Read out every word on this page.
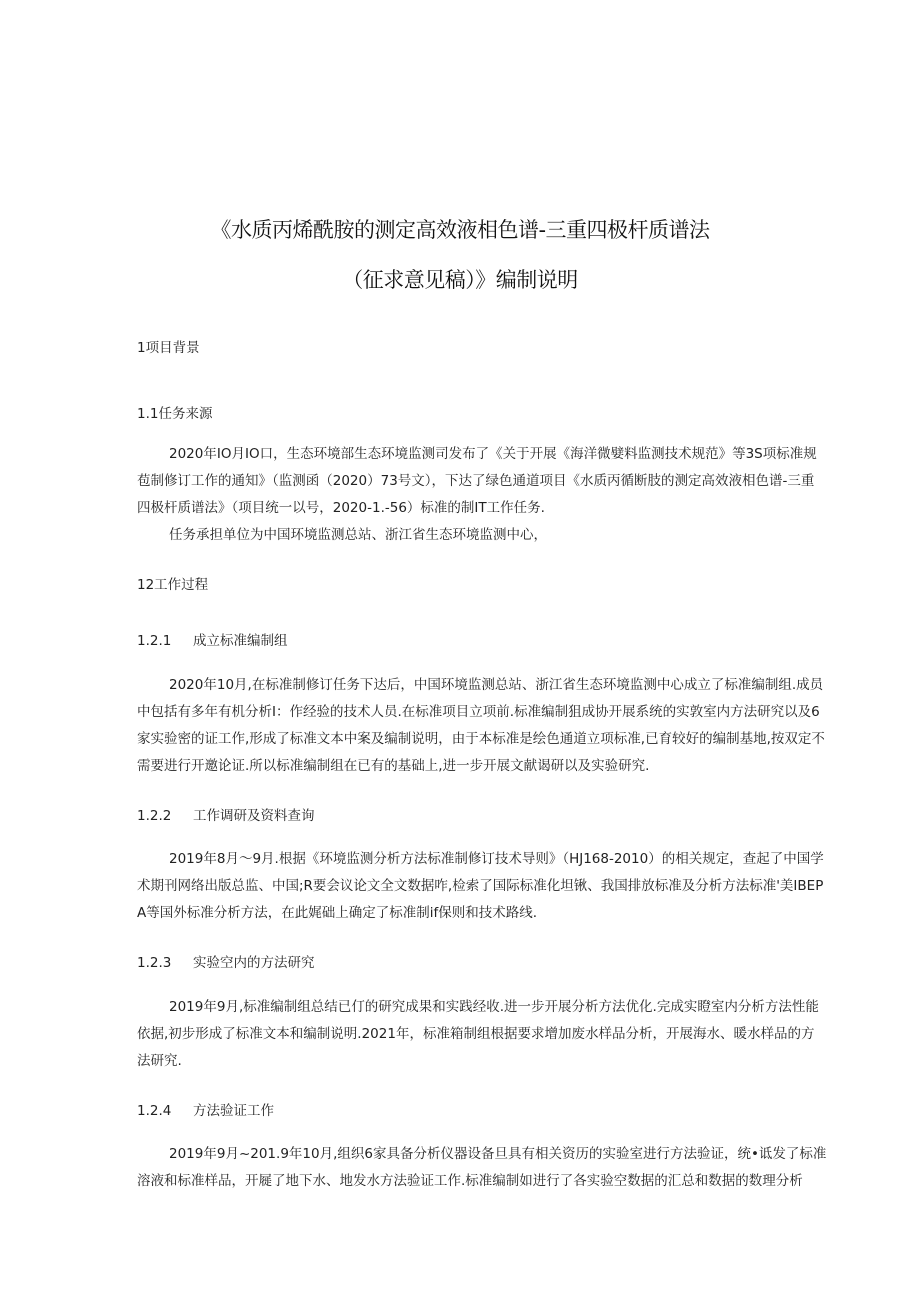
《水质丙烯酰胺的测定高效液相色谱-三重四极杆质谱法
（征求意见稿）》编制说明
1项目背景
1.1任务来源

2020年IO月IO口，生态环境部生态环境监测司发布了《关于开展《海洋微嬖料监测技术规范》等3S项标准规苞制修订工作的通知》（监测函（2020）73号文），下达了绿色通道项目《水质丙循断肢的测定高效液相色谱-三重四极杆质谱法》（项目统一以号，2020-1.-56）标准的制IT工作任务.

任务承担单位为中国环境监测总站、浙江省生态环境监测中心，

12工作过程
1.2.1 成立标准编制组

2020年10月,在标准制修订任务下达后，中国环境监测总站、浙江省生态环境监测中心成立了标准编制组.成员中包括有多年有机分析I：作经验的技术人员.在标准项目立项前.标准编制狙成协开展系统的实敦室内方法研究以及6家实验密的证工作,形成了标准文本中案及编制说明，由于本标准是绘色通道立项标准,已育较好的编制基地,按双定不需要进行开邀论证.所以标准编制组在已有的基础上,进一步开展文献谒研以及实验研究.

1.2.2 工作调研及资料查询

2019年8月〜9月.根据《环境监测分析方法标准制修订技术导则》（HJ168-2010）的相关规定，查起了中国学术期刊网络出版总监、中国;R要会议论文全文数据咋,检索了国际标准化坦锹、我国排放标准及分析方法标准'美IBEPA等国外标准分析方法，在此娓础上确定了标准制if保则和技术路线.

1.2.3 实验空内的方法研究

2019年9月,标准编制组总结已仃的研究成果和实践经收.进一步开展分析方法优化.完成实瞪室内分析方法性能依据,初步形成了标准文本和编制说明.2021年，标准箱制组根据要求增加废水样品分析，开展海水、暖水样品的方法研究.

1.2.4 方法验证工作

2019年9月~201.9年10月,组织6家具备分析仪器设备旦具有相关资历的实验室进行方法验证，统•诋发了标准溶液和标准样品，开屣了地下水、地发水方法验证工作.标准编制如进行了各实验空数据的汇总和数据的数理分析
